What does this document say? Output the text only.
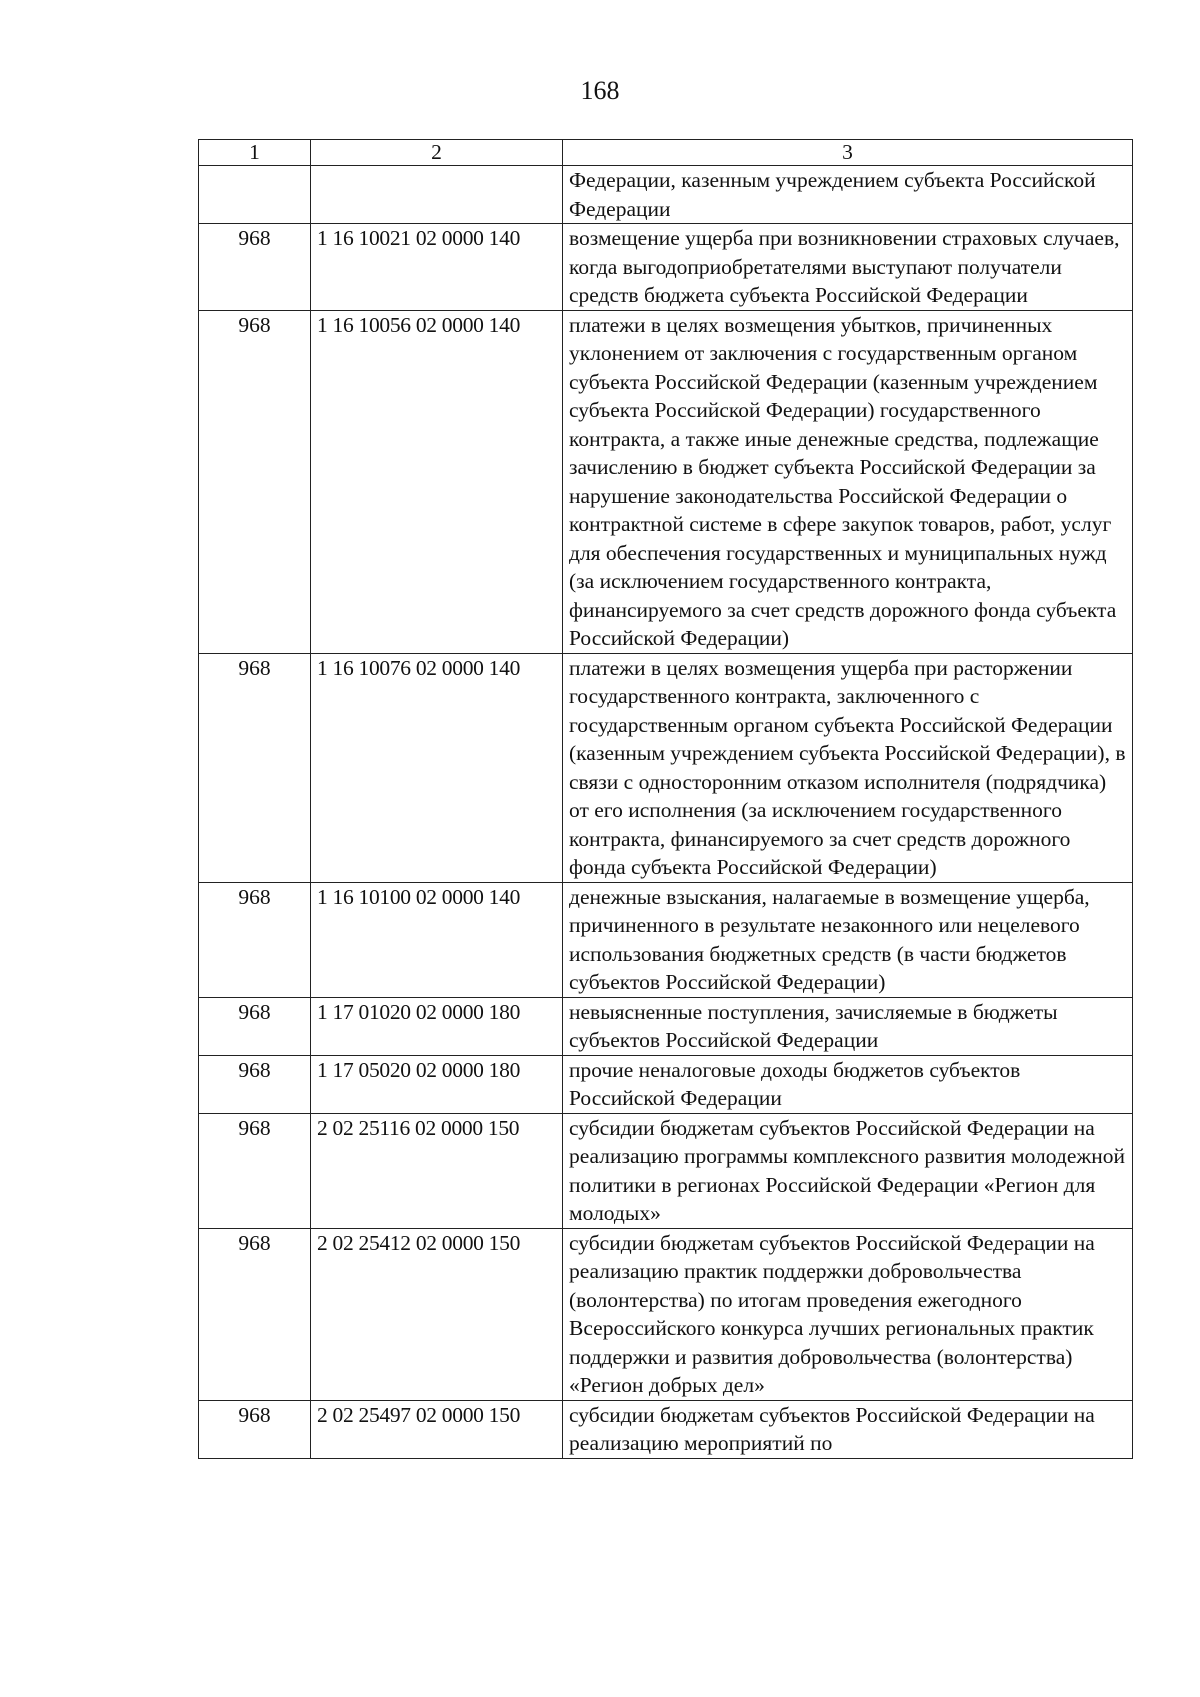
168
1	2	3
		Федерации, казенным учреждением субъекта Российской Федерации
968	1 16 10021 02 0000 140	возмещение ущерба при возникновении страховых случаев, когда выгодоприобретателями выступают получатели средств бюджета субъекта Российской Федерации
968	1 16 10056 02 0000 140	платежи в целях возмещения убытков, причиненных уклонением от заключения с государственным органом субъекта Российской Федерации (казенным учреждением субъекта Российской Федерации) государственного контракта, а также иные денежные средства, подлежащие зачислению в бюджет субъекта Российской Федерации за нарушение законодательства Российской Федерации о контрактной системе в сфере закупок товаров, работ, услуг для обеспечения государственных и муниципальных нужд (за исключением государственного контракта, финансируемого за счет средств дорожного фонда субъекта Российской Федерации)
968	1 16 10076 02 0000 140	платежи в целях возмещения ущерба при расторжении государственного контракта, заключенного с государственным органом субъекта Российской Федерации (казенным учреждением субъекта Российской Федерации), в связи с односторонним отказом исполнителя (подрядчика) от его исполнения (за исключением государственного контракта, финансируемого за счет средств дорожного фонда субъекта Российской Федерации)
968	1 16 10100 02 0000 140	денежные взыскания, налагаемые в возмещение ущерба, причиненного в результате незаконного или нецелевого использования бюджетных средств (в части бюджетов субъектов Российской Федерации)
968	1 17 01020 02 0000 180	невыясненные поступления, зачисляемые в бюджеты субъектов Российской Федерации
968	1 17 05020 02 0000 180	прочие неналоговые доходы бюджетов субъектов Российской Федерации
968	2 02 25116 02 0000 150	субсидии бюджетам субъектов Российской Федерации на реализацию программы комплексного развития молодежной политики в регионах Российской Федерации «Регион для молодых»
968	2 02 25412 02 0000 150	субсидии бюджетам субъектов Российской Федерации на реализацию практик поддержки добровольчества (волонтерства) по итогам проведения ежегодного Всероссийского конкурса лучших региональных практик поддержки и развития добровольчества (волонтерства) «Регион добрых дел»
968	2 02 25497 02 0000 150	субсидии бюджетам субъектов Российской Федерации на реализацию мероприятий по
